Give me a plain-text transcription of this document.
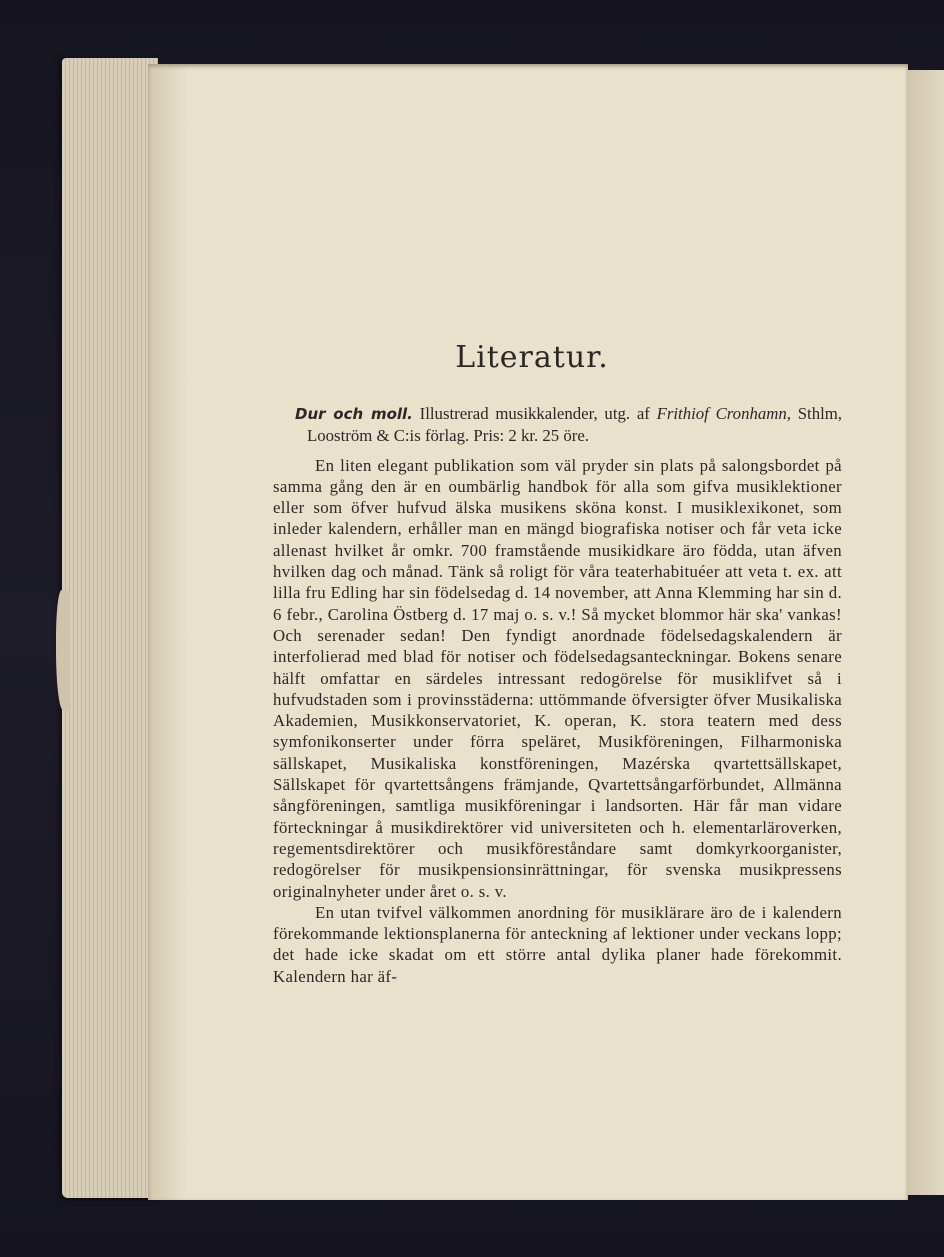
Literatur.

Dur och moll. Illustrerad musikkalender, utg. af Frithiof Cronhamn, Sthlm, Looström & C:is förlag. Pris: 2 kr. 25 öre.

En liten elegant publikation som väl pryder sin plats på salongsbordet på samma gång den är en oumbärlig handbok för alla som gifva musiklektioner eller som öfver hufvud älska musikens sköna konst. I musiklexikonet, som inleder kalendern, erhåller man en mängd biografiska notiser och får veta icke allenast hvilket år omkr. 700 framstående musikidkare äro födda, utan äfven hvilken dag och månad. Tänk så roligt för våra teaterhabituéer att veta t. ex. att lilla fru Edling har sin födelsedag d. 14 november, att Anna Klemming har sin d. 6 febr., Carolina Östberg d. 17 maj o. s. v.! Så mycket blommor här ska' vankas! Och serenader sedan! Den fyndigt anordnade födelsedagskalendern är interfolierad med blad för notiser och födelsedagsanteckningar. Bokens senare hälft omfattar en särdeles intressant redogörelse för musiklifvet så i hufvudstaden som i provinsstäderna: uttömmande öfversigter öfver Musikaliska Akademien, Musikkonservatoriet, K. operan, K. stora teatern med dess symfonikonserter under förra speläret, Musikföreningen, Filharmoniska sällskapet, Musikaliska konstföreningen, Mazérska qvartettsällskapet, Sällskapet för qvartettsångens främjande, Qvartettsångarförbundet, Allmänna sångföreningen, samtliga musikföreningar i landsorten. Här får man vidare förteckningar å musikdirektörer vid universiteten och h. elementarläroverken, regementsdirektörer och musikföreståndare samt domkyrkoorganister, redogörelser för musikpensionsinrättningar, för svenska musikpressens originalnyheter under året o. s. v.

En utan tvifvel välkommen anordning för musiklärare äro de i kalendern förekommande lektionsplanerna för anteckning af lektioner under veckans lopp; det hade icke skadat om ett större antal dylika planer hade förekommit. Kalendern har äf-
